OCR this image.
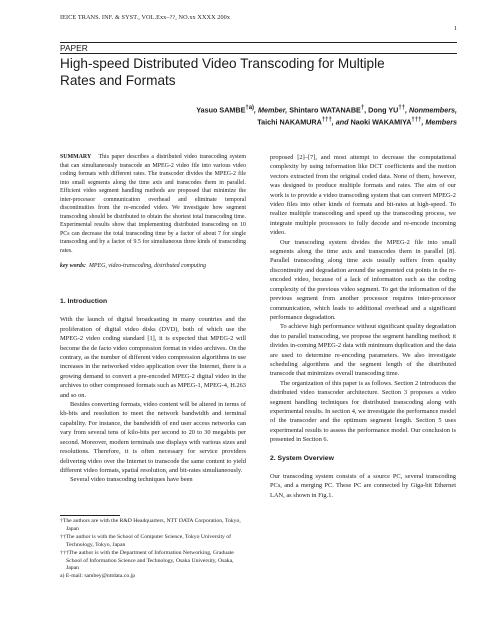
IEICE TRANS. INF. & SYST., VOL.Exx–??, NO.xx XXXX 200x
1
PAPER
High-speed Distributed Video Transcoding for Multiple
Rates and Formats
Yasuo SAMBE$^{\dagger a)}$, Member, Shintaro WATANABE†, Dong YU††, Nonmembers,
Taichi NAKAMURA†††, and Naoki WAKAMIYA†††, Members
SUMMARY This paper describes a distributed video transcoding system that can simultaneously transcode an MPEG-2 video file into various video coding formats with different rates. The transcoder divides the MPEG-2 file into small segments along the time axis and transcodes them in parallel. Efficient video segment handling methods are proposed that minimize the inter-processor communication overhead and eliminate temporal discontinuities from the re-encoded video. We investigate how segment transcoding should be distributed to obtain the shortest total transcoding time. Experimental results show that implementing distributed transcoding on 10 PCs can decrease the total transcoding time by a factor of about 7 for single transcoding and by a factor of 9.5 for simultaneous three kinds of transcoding rates.
key words: MPEG, video-transcoding, distributed computing
1. Introduction

With the launch of digital broadcasting in many countries and the proliferation of digital video disks (DVD), both of which use the MPEG-2 video coding standard [1], it is expected that MPEG-2 will become the de facto video compression format in video archives. On the contrary, as the number of different video compression algorithms in use increases in the networked video application over the Internet, there is a growing demand to convert a pre-encoded MPEG-2 digital video in the archives to other compressed formats such as MPEG-1, MPEG-4, H.263 and so on.

Besides converting formats, video content will be altered in terms of kb-bits and resolution to meet the network bandwidth and terminal capability. For instance, the bandwidth of end user access networks can vary from several tens of kilo-bits per second to 20 to 30 megabits per second. Moreover, modern terminals use displays with various sizes and resolutions. Therefore, it is often necessary for service providers delivering video over the Internet to transcode the same content to yield different video formats, spatial resolution, and bit-rates simultaneously.

Several video transcoding techniques have been

†The authors are with the R&D Headquarters, NTT DATA Corporation, Tokyo, Japan

††The author is with the School of Computer Science, Tokyo University of Technology, Tokyo, Japan

†††The author is with the Department of Information Networking, Graduate School of Information Science and Technology, Osaka University, Osaka, Japan

a) E-mail: sambey@nttdata.co.jp

proposed [2]–[7], and most attempt to decrease the computational complexity by using information like DCT coefficients and the motion vectors extracted from the original coded data. None of them, however, was designed to produce multiple formats and rates. The aim of our work is to provide a video transcoding system that can convert MPEG-2 video files into other kinds of formats and bit-rates at high-speed. To realize multiple transcoding and speed up the transcoding process, we integrate multiple processors to fully decode and re-encode incoming video.

Our transcoding system divides the MPEG-2 file into small segments along the time axis and transcodes them in parallel [8]. Parallel transcoding along time axis usually suffers from quality discontinuity and degradation around the segmented cut points in the re-encoded video, because of a lack of information such as the coding complexity of the previous video segment. To get the information of the previous segment from another processor requires inter-processor communication, which leads to additional overhead and a significant performance degradation.

To achieve high performance without significant quality degradation due to parallel transcoding, we propose the segment handling method; it divides in-coming MPEG-2 data with minimum duplication and the data are used to determine re-encoding parameters. We also investigate scheduling algorithms and the segment length of the distributed transcode that minimizes overall transcoding time.

The organization of this paper is as follows. Section 2 introduces the distributed video transcoder architecture. Section 3 proposes a video segment handling techniques for distributed transcoding along with experimental results. In section 4, we investigate the performance model of the transcoder and the optimum segment length. Section 5 uses experimental results to assess the performance model. Our conclusion is presented in Section 6.

2. System Overview

Our transcoding system consists of a source PC, several transcoding PCs, and a merging PC. These PC are connected by Giga-bit Ethernet LAN, as shown in Fig.1.
